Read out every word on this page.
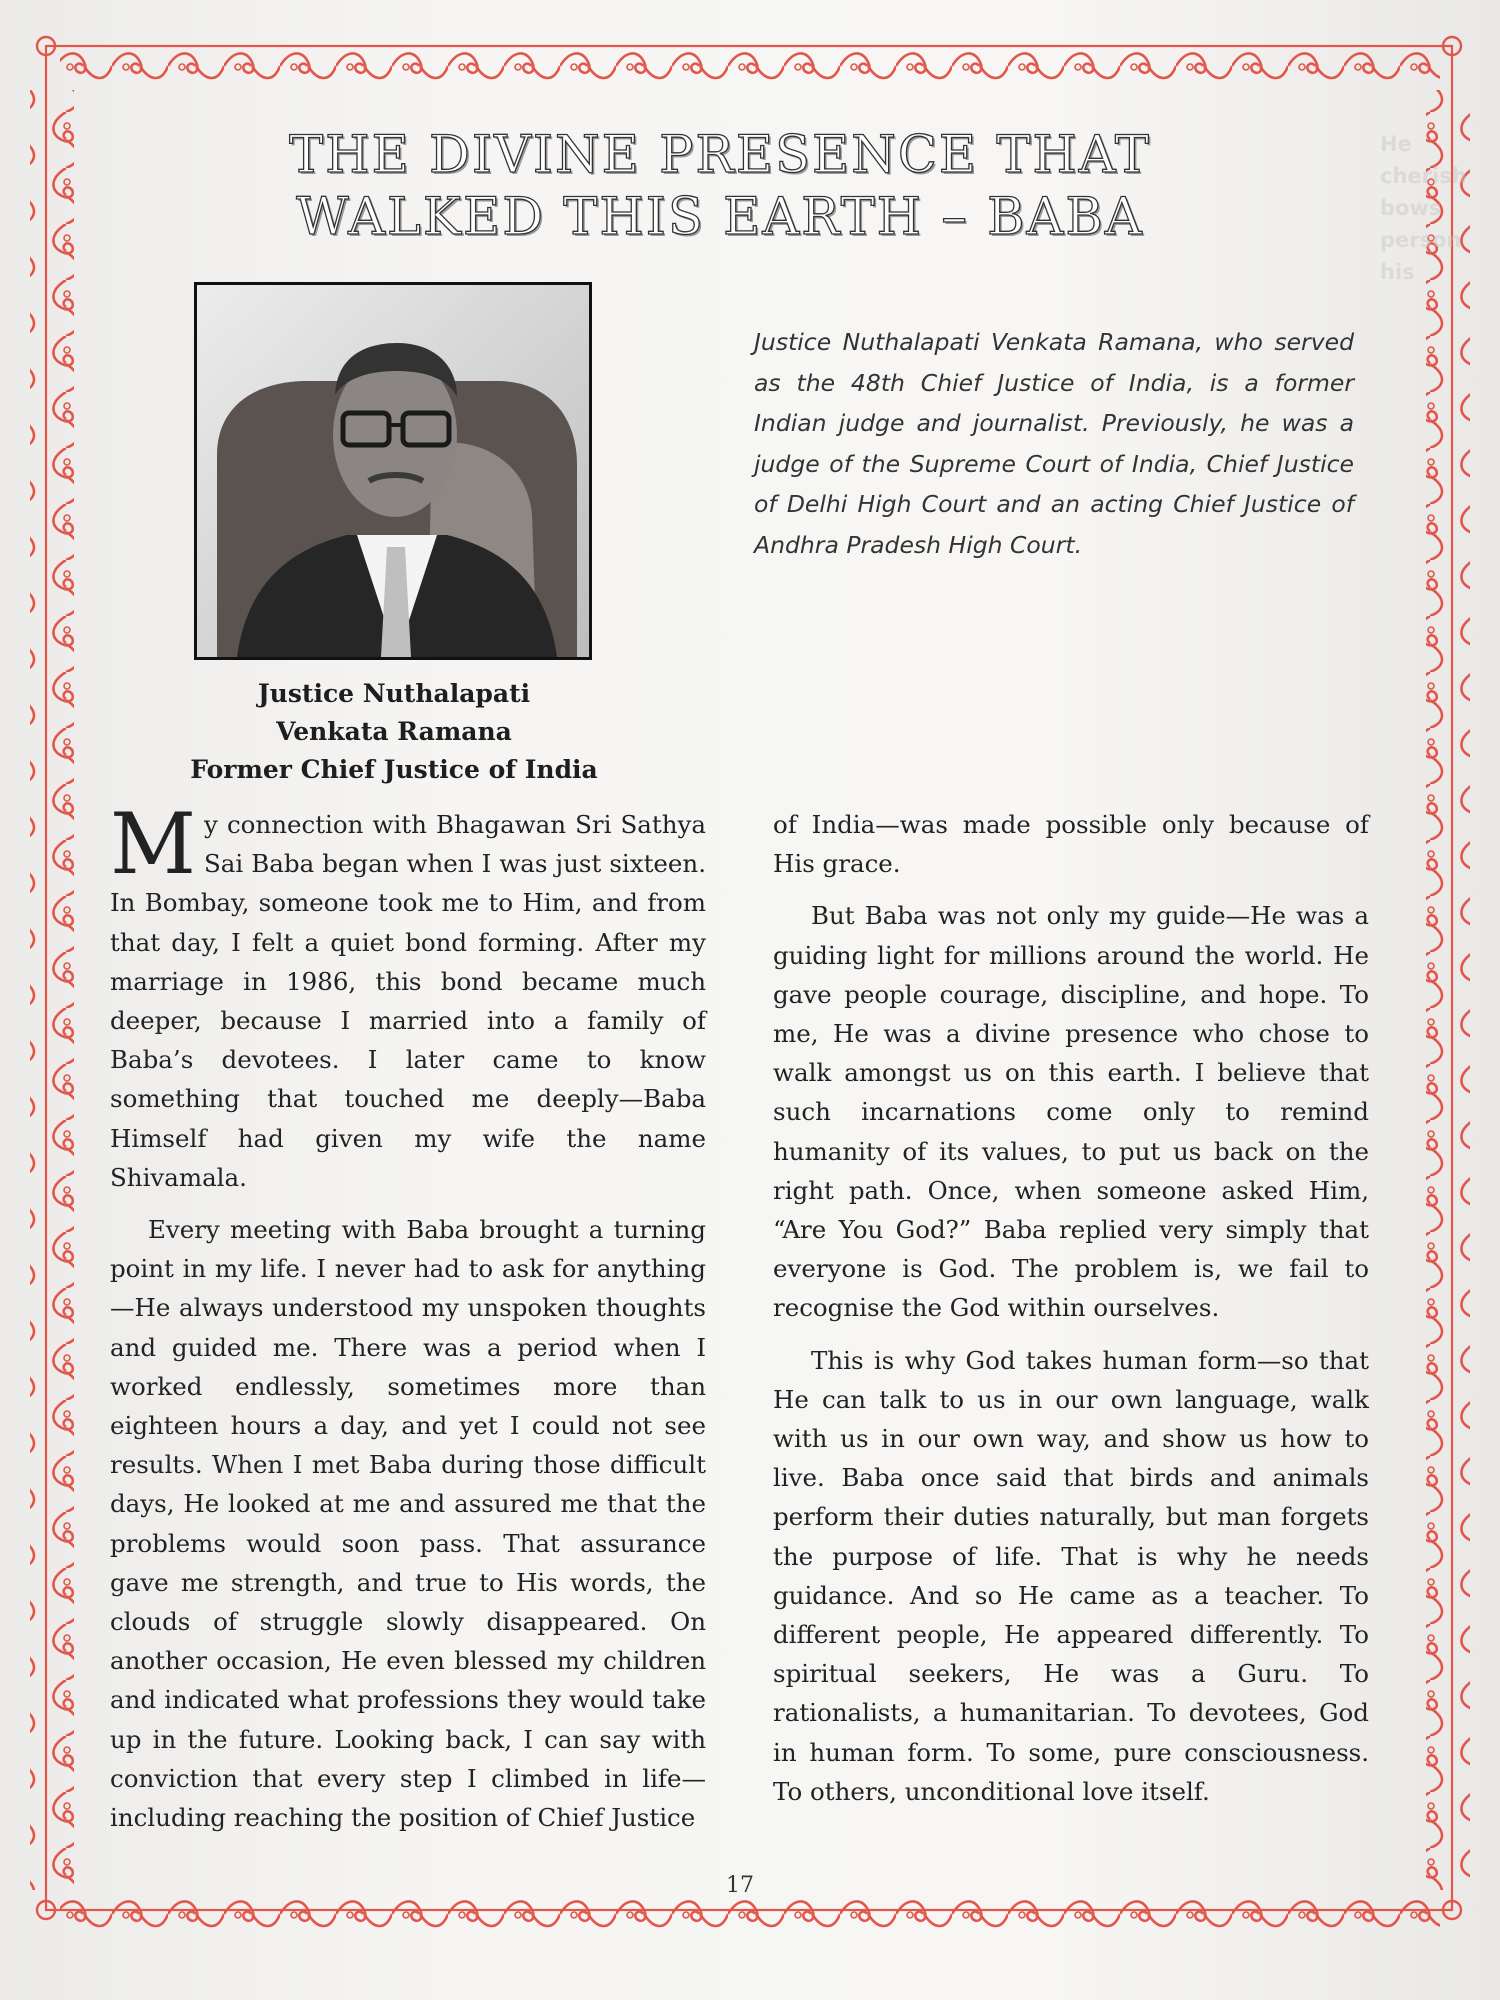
He
cherish
bows
person
his
THE DIVINE PRESENCE THAT
WALKED THIS EARTH – BABA
Justice Nuthalapati
Venkata Ramana
Former Chief Justice of India
Justice Nuthalapati Venkata Ramana, who served as the 48th Chief Justice of India, is a former Indian judge and journalist. Previously, he was a judge of the Supreme Court of India, Chief Justice of Delhi High Court and an acting Chief Justice of Andhra Pradesh High Court.

My connection with Bhagawan Sri Sathya Sai Baba began when I was just sixteen. In Bombay, someone took me to Him, and from that day, I felt a quiet bond forming. After my marriage in 1986, this bond became much deeper, because I married into a family of Baba’s devotees. I later came to know something that touched me deeply—Baba Himself had given my wife the name Shivamala.

Every meeting with Baba brought a turning point in my life. I never had to ask for anything—He always understood my unspoken thoughts and guided me. There was a period when I worked endlessly, sometimes more than eighteen hours a day, and yet I could not see results. When I met Baba during those difficult days, He looked at me and assured me that the problems would soon pass. That assurance gave me strength, and true to His words, the clouds of struggle slowly disappeared. On another occasion, He even blessed my children and indicated what professions they would take up in the future. Looking back, I can say with conviction that every step I climbed in life—including reaching the position of Chief Justice

of India—was made possible only because of His grace.

But Baba was not only my guide—He was a guiding light for millions around the world. He gave people courage, discipline, and hope. To me, He was a divine presence who chose to walk amongst us on this earth. I believe that such incarnations come only to remind humanity of its values, to put us back on the right path. Once, when someone asked Him, “Are You God?” Baba replied very simply that everyone is God. The problem is, we fail to recognise the God within ourselves.

This is why God takes human form—so that He can talk to us in our own language, walk with us in our own way, and show us how to live. Baba once said that birds and animals perform their duties naturally, but man forgets the purpose of life. That is why he needs guidance. And so He came as a teacher. To different people, He appeared differently. To spiritual seekers, He was a Guru. To rationalists, a humanitarian. To devotees, God in human form. To some, pure consciousness. To others, unconditional love itself.

17
